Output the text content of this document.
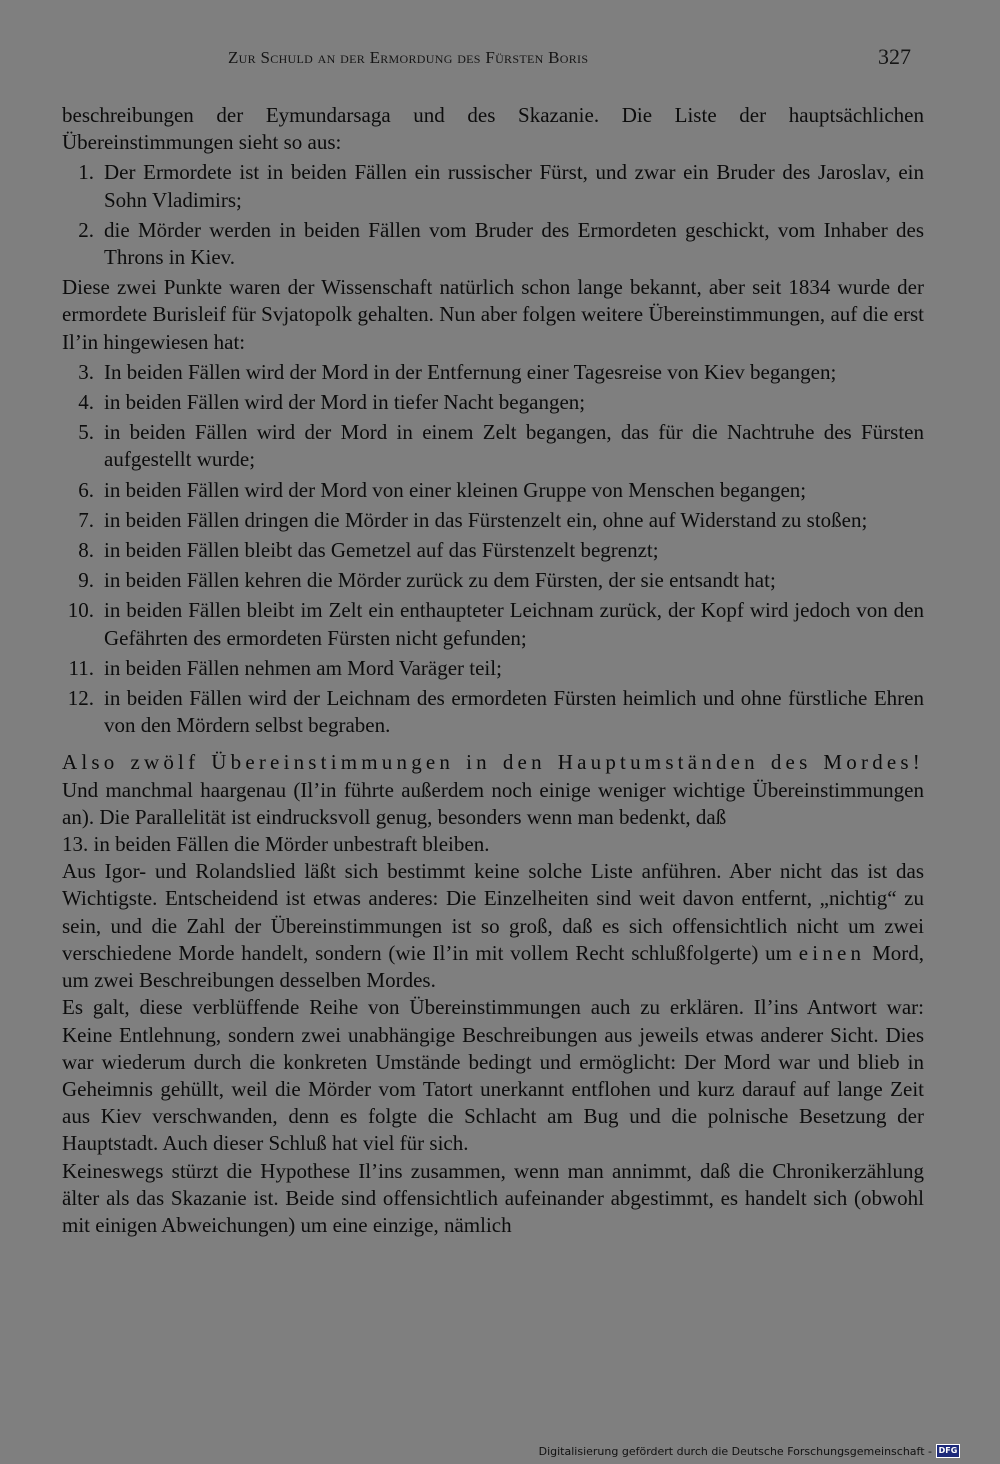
Zur Schuld an der Ermordung des Fürsten Boris	327

beschreibungen der Eymundarsaga und des Skazanie. Die Liste der hauptsächlichen Übereinstimmungen sieht so aus:

1. Der Ermordete ist in beiden Fällen ein russischer Fürst, und zwar ein Bruder des Jaroslav, ein Sohn Vladimirs;
2. die Mörder werden in beiden Fällen vom Bruder des Ermordeten geschickt, vom Inhaber des Throns in Kiev.

Diese zwei Punkte waren der Wissenschaft natürlich schon lange bekannt, aber seit 1834 wurde der ermordete Burisleif für Svjatopolk gehalten. Nun aber folgen weitere Übereinstimmungen, auf die erst Il’in hingewiesen hat:

3. In beiden Fällen wird der Mord in der Entfernung einer Tagesreise von Kiev begangen;
4. in beiden Fällen wird der Mord in tiefer Nacht begangen;
5. in beiden Fällen wird der Mord in einem Zelt begangen, das für die Nachtruhe des Fürsten aufgestellt wurde;
6. in beiden Fällen wird der Mord von einer kleinen Gruppe von Menschen begangen;
7. in beiden Fällen dringen die Mörder in das Fürstenzelt ein, ohne auf Widerstand zu stoßen;
8. in beiden Fällen bleibt das Gemetzel auf das Fürstenzelt begrenzt;
9. in beiden Fällen kehren die Mörder zurück zu dem Fürsten, der sie entsandt hat;
10. in beiden Fällen bleibt im Zelt ein enthaupteter Leichnam zurück, der Kopf wird jedoch von den Gefährten des ermordeten Fürsten nicht gefunden;
11. in beiden Fällen nehmen am Mord Varäger teil;
12. in beiden Fällen wird der Leichnam des ermordeten Fürsten heimlich und ohne fürstliche Ehren von den Mördern selbst begraben.

Also zwölf Übereinstimmungen in den Hauptumständen des Mordes! Und manchmal haargenau (Il’in führte außerdem noch einige weniger wichtige Übereinstimmungen an). Die Parallelität ist eindrucksvoll genug, besonders wenn man bedenkt, daß

13. in beiden Fällen die Mörder unbestraft bleiben.

Aus Igor- und Rolandslied läßt sich bestimmt keine solche Liste anführen. Aber nicht das ist das Wichtigste. Entscheidend ist etwas anderes: Die Einzelheiten sind weit davon entfernt, „nichtig“ zu sein, und die Zahl der Übereinstimmungen ist so groß, daß es sich offensichtlich nicht um zwei verschiedene Morde handelt, sondern (wie Il’in mit vollem Recht schlußfolgerte) um einen Mord, um zwei Beschreibungen desselben Mordes.

Es galt, diese verblüffende Reihe von Übereinstimmungen auch zu erklären. Il’ins Antwort war: Keine Entlehnung, sondern zwei unabhängige Beschreibungen aus jeweils etwas anderer Sicht. Dies war wiederum durch die konkreten Umstände bedingt und ermöglicht: Der Mord war und blieb in Geheimnis gehüllt, weil die Mörder vom Tatort unerkannt entflohen und kurz darauf auf lange Zeit aus Kiev verschwanden, denn es folgte die Schlacht am Bug und die polnische Besetzung der Hauptstadt. Auch dieser Schluß hat viel für sich.

Keineswegs stürzt die Hypothese Il’ins zusammen, wenn man annimmt, daß die Chronikerzählung älter als das Skazanie ist. Beide sind offensichtlich aufeinander abgestimmt, es handelt sich (obwohl mit einigen Abweichungen) um eine einzige, nämlich

Digitalisierung gefördert durch die Deutsche Forschungsgemeinschaft - DFG
